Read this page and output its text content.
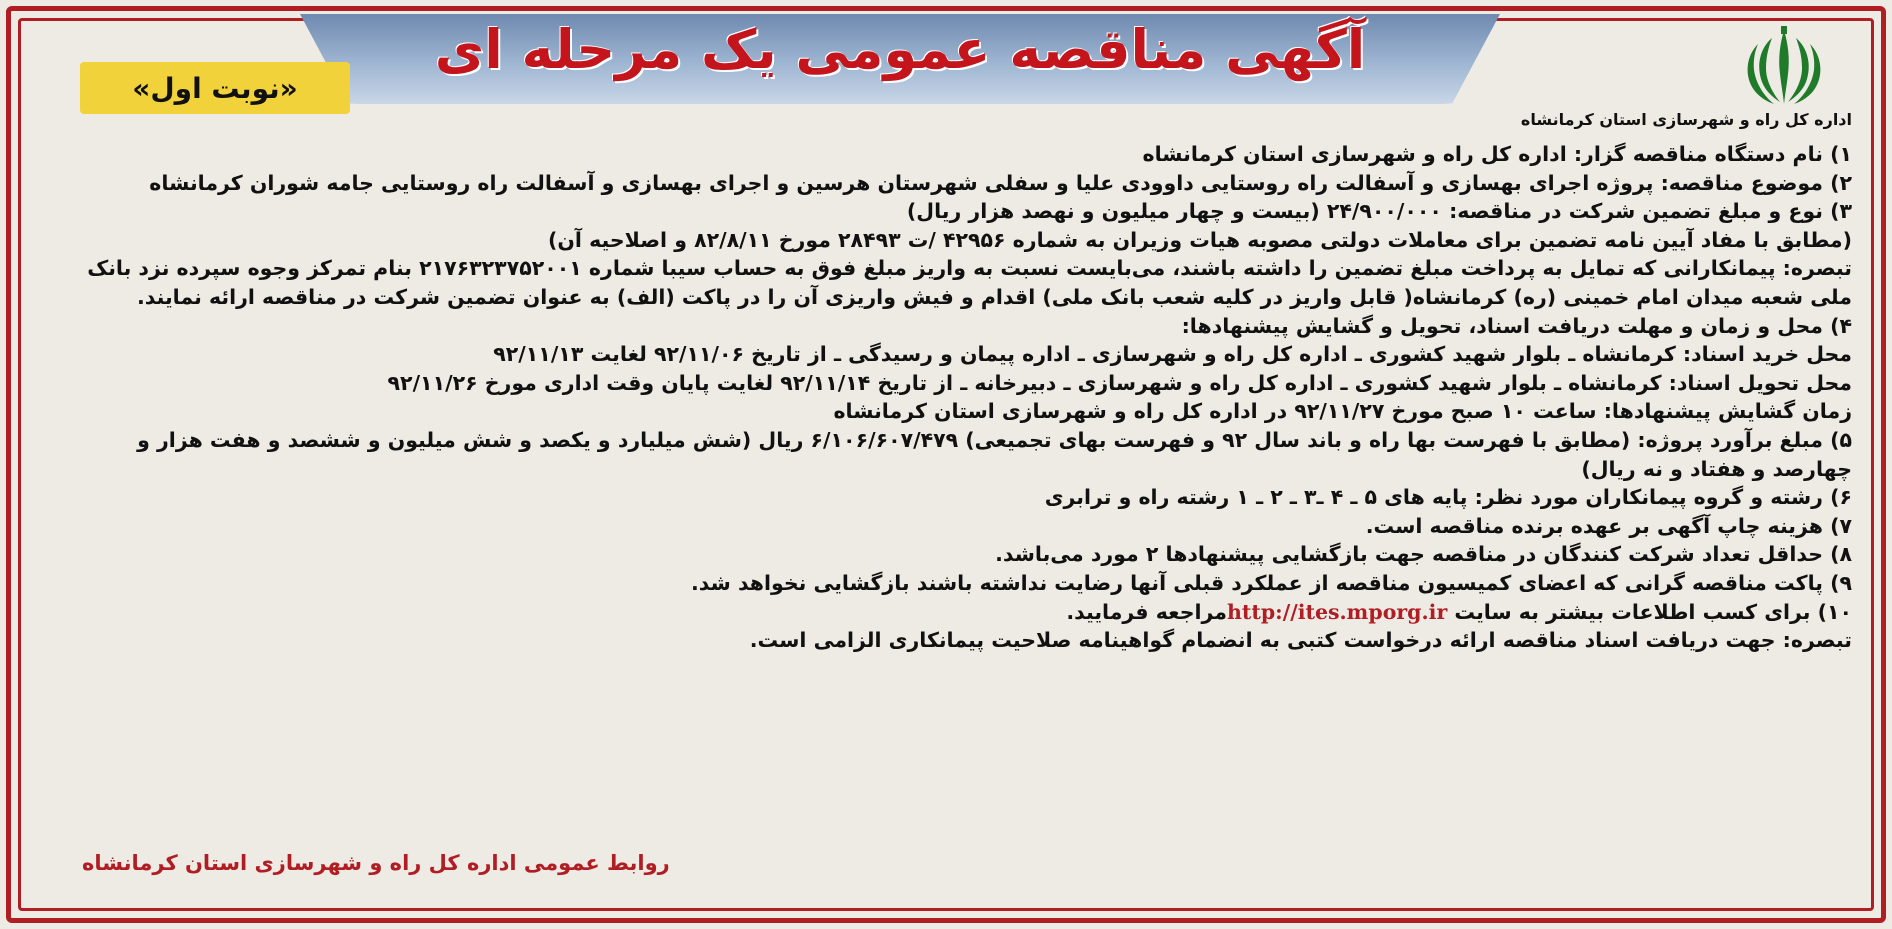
آگهی مناقصه عمومی یک مرحله ای
«نوبت اول»
اداره کل راه و شهرسازی استان کرمانشاه
۱) نام دستگاه مناقصه گزار: اداره کل راه و شهرسازی استان کرمانشاه
۲) موضوع مناقصه: پروژه اجرای بهسازی و آسفالت راه روستایی داوودی علیا و سفلی شهرستان هرسین و اجرای بهسازی و آسفالت راه روستایی جامه شوران کرمانشاه
۳) نوع و مبلغ تضمین شرکت در مناقصه: ۲۴/۹۰۰/۰۰۰ (بیست و چهار میلیون و نهصد هزار ریال)
(مطابق با مفاد آیین نامه تضمین برای معاملات دولتی مصوبه هیات وزیران به شماره ۴۲۹۵۶ /ت ۲۸۴۹۳ مورخ ۸۲/۸/۱۱ و اصلاحیه آن)
تبصره: پیمانکارانی که تمایل به پرداخت مبلغ تضمین را داشته باشند، می‌بایست نسبت به واریز مبلغ فوق به حساب سیبا شماره ۲۱۷۶۳۲۳۷۵۲۰۰۱ بنام تمرکز وجوه سپرده نزد بانک
ملی شعبه میدان امام خمینی (ره) کرمانشاه( قابل واریز در کلیه شعب بانک ملی) اقدام و فیش واریزی آن را در پاکت (الف) به عنوان تضمین شرکت در مناقصه ارائه نمایند.
۴) محل و زمان و مهلت دریافت اسناد، تحویل و گشایش پیشنهادها:
محل خرید اسناد: کرمانشاه ـ بلوار شهید کشوری ـ اداره کل راه و شهرسازی ـ اداره پیمان و رسیدگی ـ از تاریخ ۹۲/۱۱/۰۶ لغایت ۹۲/۱۱/۱۳
محل تحویل اسناد: کرمانشاه ـ بلوار شهید کشوری ـ اداره کل راه و شهرسازی ـ دبیرخانه ـ از تاریخ ۹۲/۱۱/۱۴ لغایت پایان وقت اداری مورخ ۹۲/۱۱/۲۶
زمان گشایش پیشنهادها: ساعت ۱۰ صبح مورخ ۹۲/۱۱/۲۷ در اداره کل راه و شهرسازی استان کرمانشاه
۵) مبلغ برآورد پروژه: (مطابق با فهرست بها راه و باند سال ۹۲ و فهرست بهای تجمیعی) ۶/۱۰۶/۶۰۷/۴۷۹ ریال (شش میلیارد و یکصد و شش میلیون و ششصد و هفت هزار و
چهارصد و هفتاد و نه ریال)
۶) رشته و گروه پیمانکاران مورد نظر: پایه های ۵ ـ ۴ ـ۳ ـ ۲ ـ ۱ رشته راه و ترابری
۷) هزینه چاپ آگهی بر عهده برنده مناقصه است.
۸) حداقل تعداد شرکت کنندگان در مناقصه جهت بازگشایی پیشنهادها ۲ مورد می‌باشد.
۹) پاکت مناقصه گرانی که اعضای کمیسیون مناقصه از عملکرد قبلی آنها رضایت نداشته باشند بازگشایی نخواهد شد.
۱۰) برای کسب اطلاعات بیشتر به سایت http://ites.mporg.irمراجعه فرمایید.
تبصره: جهت دریافت اسناد مناقصه ارائه درخواست کتبی به انضمام گواهینامه صلاحیت پیمانکاری الزامی است.
روابط عمومی اداره کل راه و شهرسازی استان کرمانشاه
